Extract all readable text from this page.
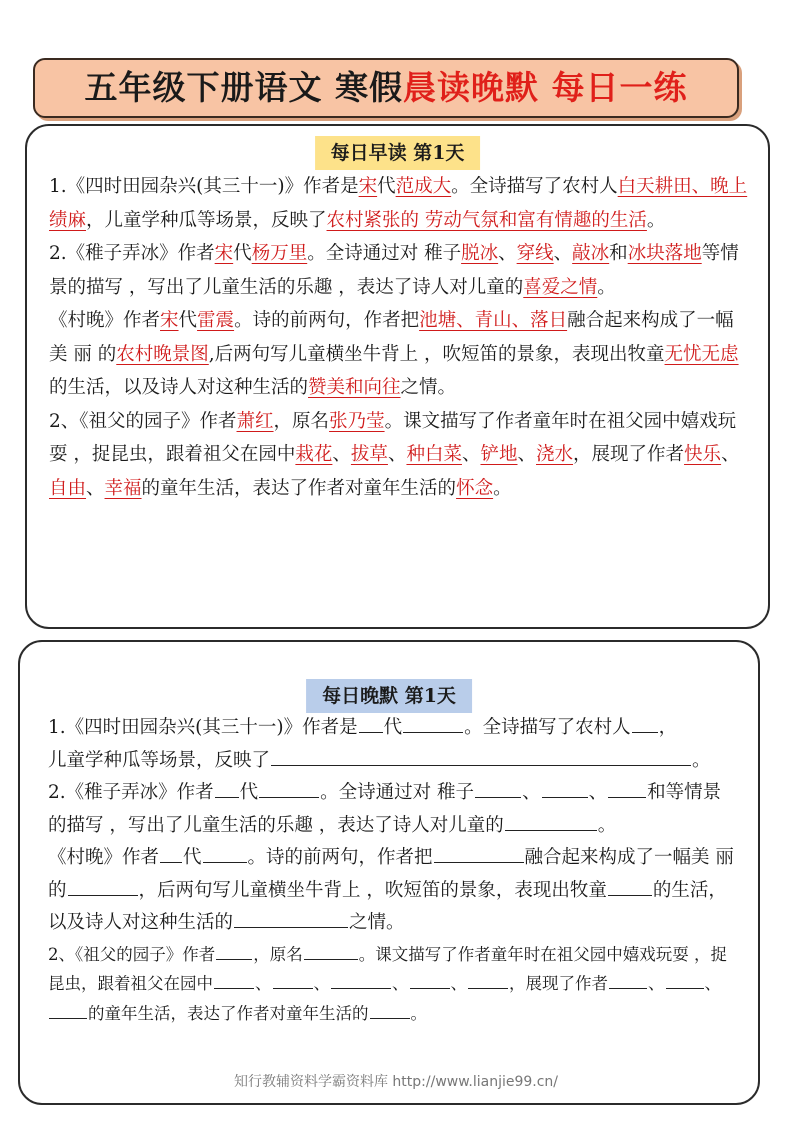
五年级下册语文 寒假晨读晚默 每日一练
每日早读 第1天

1.《四时田园杂兴(其三十一)》作者是宋代范成大。全诗描写了农村人白天耕田、晚上绩麻，儿童学种瓜等场景，反映了农村紧张的 劳动气氛和富有情趣的生活。

2.《稚子弄冰》作者宋代杨万里。全诗通过对 稚子脱冰、穿线、敲冰和冰块落地等情景的描写 ，写出了儿童生活的乐趣 ，表达了诗人对儿童的喜爱之情。

《村晚》作者宋代雷震。诗的前两句，作者把池塘、青山、落日融合起来构成了一幅美 丽 的农村晚景图,后两句写儿童横坐牛背上 ，吹短笛的景象，表现出牧童无忧无虑的生活，以及诗人对这种生活的赞美和向往之情。

2、《祖父的园子》作者萧红，原名张乃莹。课文描写了作者童年时在祖父园中嬉戏玩耍 ，捉昆虫，跟着祖父在园中栽花、拔草、种白菜、铲地、浇水，展现了作者快乐、自由、幸福的童年生活，表达了作者对童年生活的怀念。

每日晚默 第1天

1.《四时田园杂兴(其三十一)》作者是 代	。全诗描写了农村人 ，
儿童学种瓜等场景，反映了	。

2.《稚子弄冰》作者 代	。全诗通过对 稚子	、	、 和等情景的描写 ，写出了儿童生活的乐趣 ，表达了诗人对儿童的	。

《村晚》作者 代 。诗的前两句，作者把	融合起来构成了一幅美 丽 的	，后两句写儿童横坐牛背上 ，吹短笛的景象，表现出牧童 的生活，以及诗人对这种生活的	之情。

2、《祖父的园子》作者 ，原名	。课文描写了作者童年时在祖父园中嬉戏玩耍 ，捉昆虫，跟着祖父在园中	、	、	、	、	，展现了作者 、 、的童年生活，表达了作者对童年生活的	。

知行教辅资料学霸资料库 http://www.lianjie99.cn/
